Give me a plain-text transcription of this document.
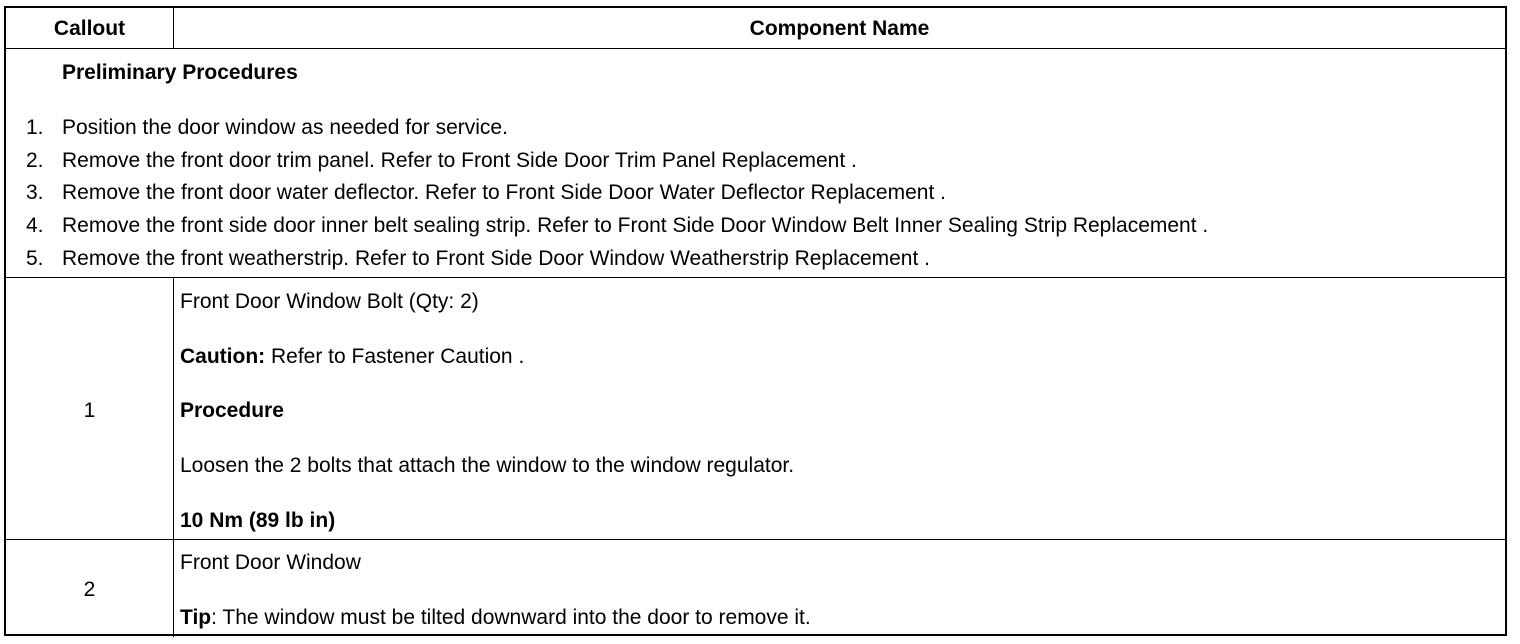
Callout	Component Name
Preliminary Procedures
1. Position the door window as needed for service.
2. Remove the front door trim panel. Refer to Front Side Door Trim Panel Replacement .
3. Remove the front door water deflector. Refer to Front Side Door Water Deflector Replacement .
4. Remove the front side door inner belt sealing strip. Refer to Front Side Door Window Belt Inner Sealing Strip Replacement .
5. Remove the front weatherstrip. Refer to Front Side Door Window Weatherstrip Replacement .
1
Front Door Window Bolt (Qty: 2)
Caution: Refer to Fastener Caution .
Procedure
Loosen the 2 bolts that attach the window to the window regulator.
10 Nm (89 lb in)
2
Front Door Window
Tip: The window must be tilted downward into the door to remove it.
